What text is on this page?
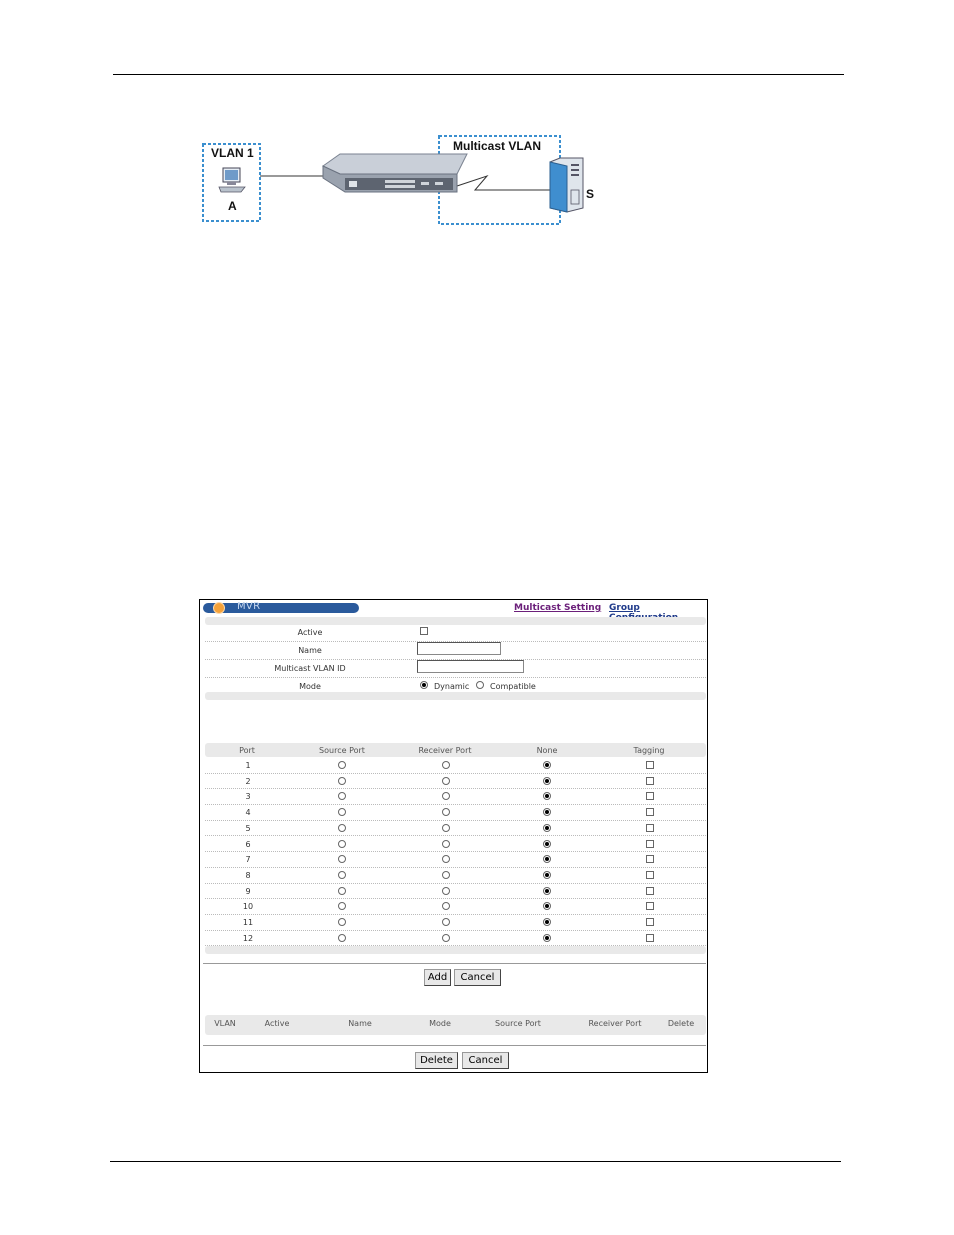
VLAN 1
A
Multicast VLAN
S
MVR	Multicast Setting Group
Active
Name
Multicast VLAN ID
Mode	Dynamic	Compatible
Port	Source Port	Receiver Port	None	Tagging
1
2
3
4
5
6
7
8
9
10
11
12
Add	Cancel
VLAN	Active	Name	Mode	Source Port	Receiver Port	Delete
Delete	Cancel
